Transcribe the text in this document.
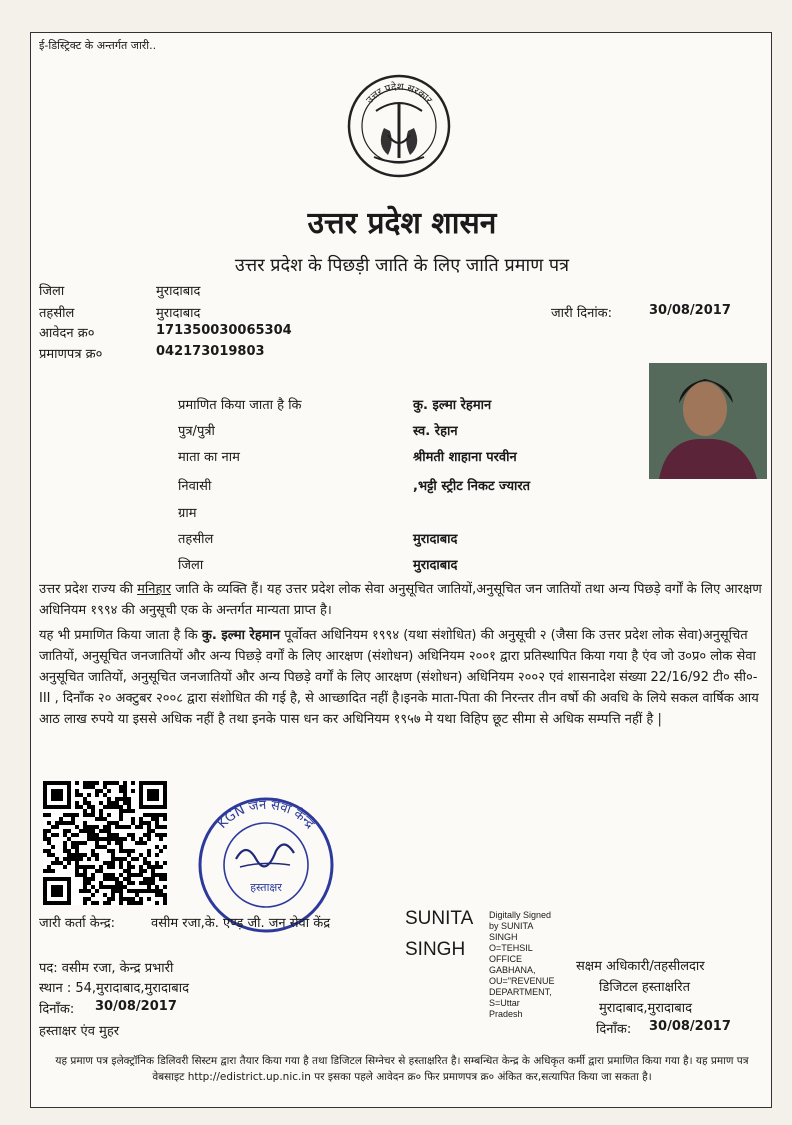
ई-डिस्ट्रिक्ट के अन्तर्गत जारी..
उत्तर प्रदेश सरकार
उत्तर प्रदेश शासन
उत्तर प्रदेश के पिछड़ी जाति के लिए जाति प्रमाण पत्र
जिला	मुरादाबाद
तहसील	मुरादाबाद
आवेदन क्र०	171350030065304
प्रमाणपत्र क्र०	042173019803
जारी दिनांक:	30/08/2017
प्रमाणित किया जाता है कि	कु. इल्मा रेहमान
पुत्र/पुत्री	स्व. रेहान
माता का नाम	श्रीमती शाहाना परवीन
निवासी	,भट्टी स्ट्रीट निकट ज्यारत
ग्राम
तहसील	मुरादाबाद
जिला	मुरादाबाद
उत्तर प्रदेश राज्य की मनिहार जाति के व्यक्ति हैं। यह उत्तर प्रदेश लोक सेवा अनुसूचित जातियों,अनुसूचित जन जातियों तथा अन्य पिछड़े वर्गों के लिए आरक्षण अधिनियम १९९४ की अनुसूची एक के अन्तर्गत मान्यता प्राप्त है।
यह भी प्रमाणित किया जाता है कि कु. इल्मा रेहमान पूर्वोक्त अधिनियम १९९४ (यथा संशोधित) की अनुसूची २ (जैसा कि उत्तर प्रदेश लोक सेवा)अनुसूचित जातियों, अनुसूचित जनजातियों और अन्य पिछड़े वर्गों के लिए आरक्षण (संशोधन) अधिनियम २००१ द्वारा प्रतिस्थापित किया गया है एंव जो उ०प्र० लोक सेवा अनुसूचित जातियों, अनुसूचित जनजातियों और अन्य पिछड़े वर्गों के लिए आरक्षण (संशोधन) अधिनियम २००२ एवं शासनादेश संख्या 22/16/92 टी० सी०-III , दिनाँक २० अक्टुबर २००८ द्वारा संशोधित की गई है, से आच्छादित नहीं है।इनके माता-पिता की निरन्तर तीन वर्षो की अवधि के लिये सकल वार्षिक आय आठ लाख रुपये या इससे अधिक नहीं है तथा इनके पास धन कर अधिनियम १९५७ मे यथा विहिप छूट सीमा से अधिक सम्पत्ति नहीं है |
KGN जन सेवा केन्द्र
हस्ताक्षर
जारी कर्ता केन्द्र:	वसीम रजा,के. एण्ड़ जी. जन सेवा केंद्र	SUNITA
SINGH
Digitally Signed
by SUNITA
SINGH
O=TEHSIL
OFFICE
GABHANA,
OU="REVENUE
DEPARTMENT,
S=Uttar
Pradesh
पद: वसीम रजा, केन्द्र प्रभारी
स्थान : 54,मुरादाबाद,मुरादाबाद
दिनाँक: 30/08/2017
हस्ताक्षर एंव मुहर
सक्षम अधिकारी/तहसीलदार
डिजिटल हस्ताक्षरित
मुरादाबाद,मुरादाबाद
दिनाँक: 30/08/2017
यह प्रमाण पत्र इलेक्ट्रॉनिक डिलिवरी सिस्टम द्वारा तैयार किया गया है तथा डिजिटल सिग्नेचर से हस्ताक्षरित है। सम्बन्धित केन्द्र के अधिकृत कर्मी द्वारा प्रमाणित किया गया है। यह प्रमाण पत्र वेबसाइट http://edistrict.up.nic.in पर इसका पहले आवेदन क्र० फिर प्रमाणपत्र क्र० अंकित कर,सत्यापित किया जा सकता है।
